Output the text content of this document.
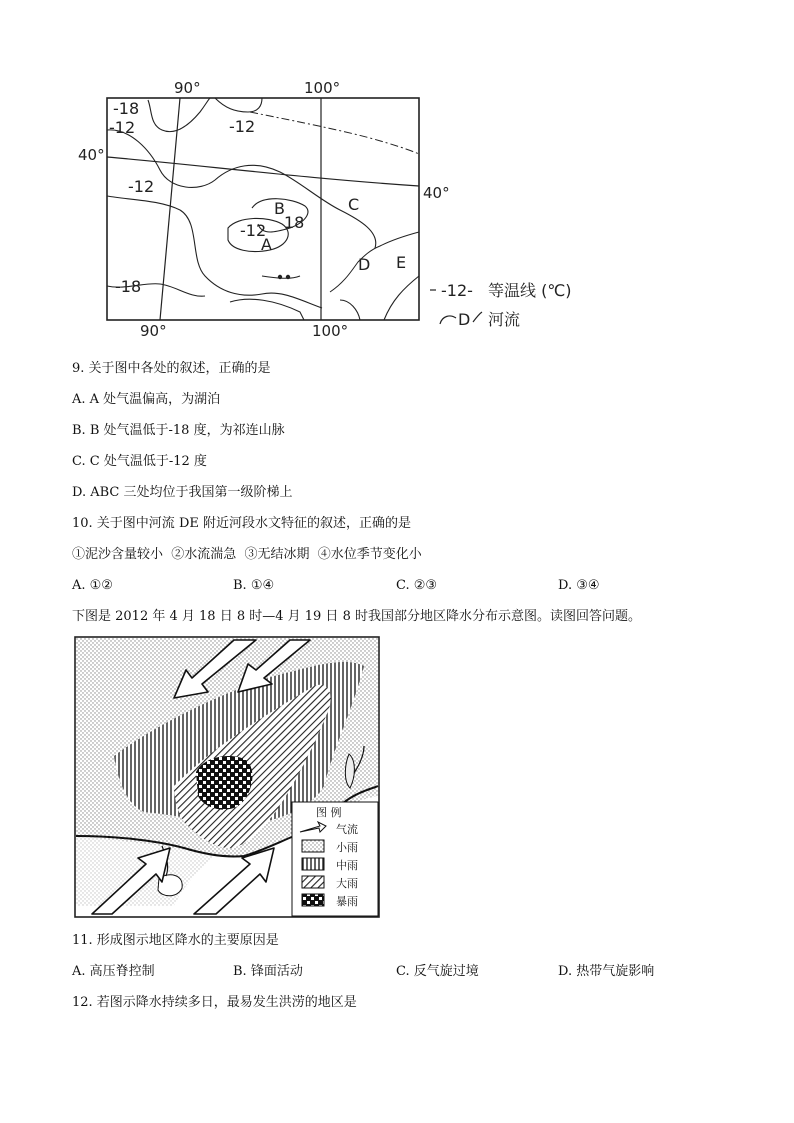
90°	100°
90°	100°
40°
40°
-18
-12	-12
-12
-12 18
-18
A
B	C
D E
-12- 等温线 (℃)
D 河流
9. 关于图中各处的叙述，正确的是
A. A 处气温偏高，为湖泊
B. B 处气温低于-18 度，为祁连山脉
C. C 处气温低于-12 度
D. ABC 三处均位于我国第一级阶梯上
10. 关于图中河流 DE 附近河段水文特征的叙述，正确的是
①泥沙含量较小  ②水流湍急  ③无结冰期  ④水位季节变化小
A. ①②	B. ①④	C. ②③	D. ③④
下图是 2012 年 4 月 18 日 8 时—4 月 19 日 8 时我国部分地区降水分布示意图。读图回答问题。
图 例
气流
小雨
中雨
大雨
暴雨
11. 形成图示地区降水的主要原因是
A. 高压脊控制	B. 锋面活动	C. 反气旋过境	D. 热带气旋影响
12. 若图示降水持续多日，最易发生洪涝的地区是
